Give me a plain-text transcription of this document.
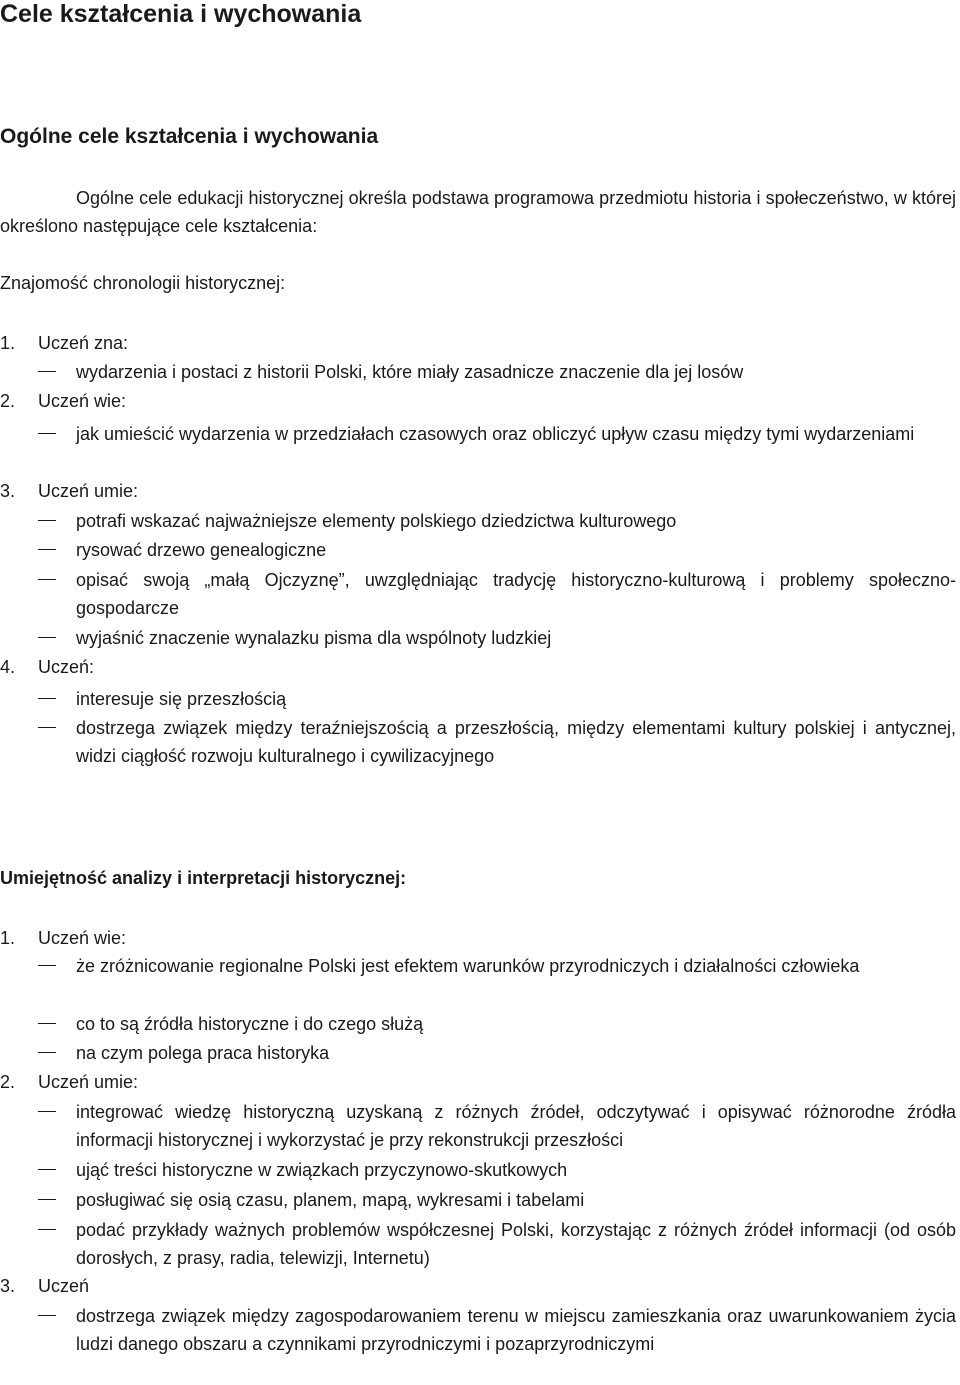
Cele kształcenia i wychowania
Ogólne cele kształcenia i wychowania

Ogólne cele edukacji historycznej określa podstawa programowa przedmiotu historia i społeczeństwo, w której określono następujące cele kształcenia:

Znajomość chronologii historycznej:

1. Uczeń zna:
wydarzenia i postaci z historii Polski, które miały zasadnicze znaczenie dla jej losów
2. Uczeń wie:
jak umieścić wydarzenia w przedziałach czasowych oraz obliczyć upływ czasu między tymi wydarzeniami
3. Uczeń umie:
potrafi wskazać najważniejsze elementy polskiego dziedzictwa kulturowego
rysować drzewo genealogiczne
opisać swoją „małą Ojczyznę”, uwzględniając tradycję historyczno-kulturową i problemy społeczno-gospodarcze
wyjaśnić znaczenie wynalazku pisma dla wspólnoty ludzkiej
4. Uczeń:
interesuje się przeszłością
dostrzega związek między teraźniejszością a przeszłością, między elementami kultury polskiej i antycznej, widzi ciągłość rozwoju kulturalnego i cywilizacyjnego

Umiejętność analizy i interpretacji historycznej:

1. Uczeń wie:
że zróżnicowanie regionalne Polski jest efektem warunków przyrodniczych i działalności człowieka
co to są źródła historyczne i do czego służą
na czym polega praca historyka
2. Uczeń umie:
integrować wiedzę historyczną uzyskaną z różnych źródeł, odczytywać i opisywać różnorodne źródła informacji historycznej i wykorzystać je przy rekonstrukcji przeszłości
ująć treści historyczne w związkach przyczynowo-skutkowych
posługiwać się osią czasu, planem, mapą, wykresami i tabelami
podać przykłady ważnych problemów współczesnej Polski, korzystając z różnych źródeł informacji (od osób dorosłych, z prasy, radia, telewizji, Internetu)
3. Uczeń
dostrzega związek między zagospodarowaniem terenu w miejscu zamieszkania oraz uwarunkowaniem życia ludzi danego obszaru a czynnikami przyrodniczymi i pozaprzyrodniczymi
